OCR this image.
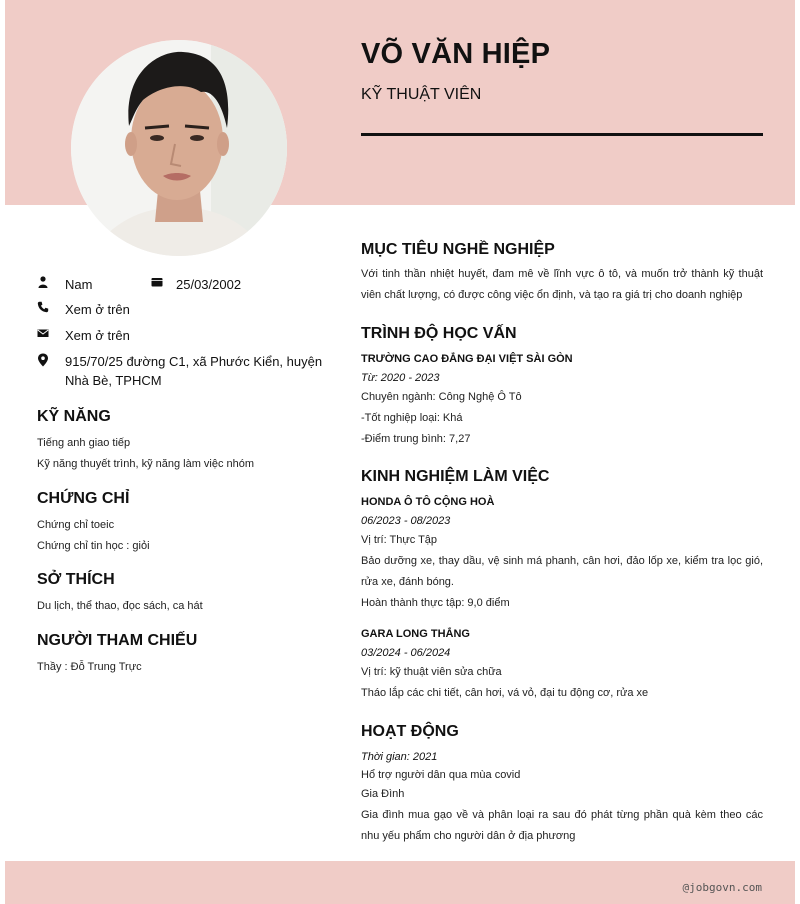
VÕ VĂN HIỆP
KỸ THUẬT VIÊN
Nam	25/03/2002
Xem ở trên
Xem ở trên
915/70/25 đường C1, xã Phước Kiển, huyện
Nhà Bè, TPHCM
KỸ NĂNG
Tiếng anh giao tiếp
Kỹ năng thuyết trình, kỹ năng làm việc nhóm
CHỨNG CHỈ
Chứng chỉ toeic
Chứng chỉ tin học : giỏi
SỞ THÍCH
Du lịch, thể thao, đọc sách, ca hát
NGƯỜI THAM CHIẾU
Thầy : Đỗ Trung Trực
MỤC TIÊU NGHỀ NGHIỆP
Với tinh thần nhiệt huyết, đam mê về lĩnh vực ô tô, và muốn trở thành kỹ thuật viên chất lượng, có được công việc ổn định, và tạo ra giá trị cho doanh nghiệp
TRÌNH ĐỘ HỌC VẤN
TRƯỜNG CAO ĐẲNG ĐẠI VIỆT SÀI GÒN
Từ: 2020 - 2023
Chuyên ngành: Công Nghệ Ô Tô
-Tốt nghiệp loại: Khá
-Điểm trung bình: 7,27
KINH NGHIỆM LÀM VIỆC
HONDA Ô TÔ CỘNG HOÀ
06/2023 - 08/2023
Vị trí: Thực Tập
Bảo dưỡng xe, thay dầu, vệ sinh má phanh, cân hơi, đảo lốp xe, kiểm tra lọc gió, rửa xe, đánh bóng.
Hoàn thành thực tập: 9,0 điểm
GARA LONG THẮNG
03/2024 - 06/2024
Vị trí: kỹ thuật viên sửa chữa
Tháo lắp các chi tiết, cân hơi, vá vỏ, đại tu động cơ, rửa xe
HOẠT ĐỘNG
Thời gian: 2021
Hổ trợ người dân qua mùa covid
Gia Đình
Gia đình mua gạo về và phân loại ra sau đó phát từng phần quà kèm theo các nhu yếu phẩm cho người dân ở địa phương
@jobgovn.com
